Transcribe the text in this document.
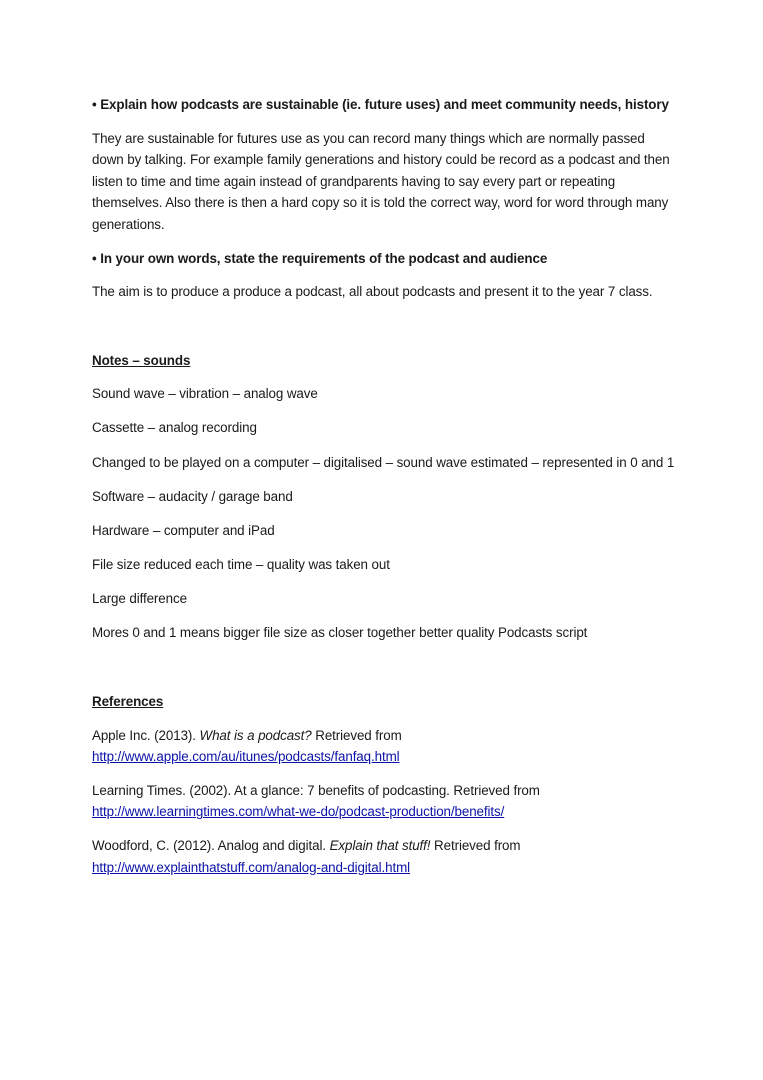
• Explain how podcasts are sustainable (ie. future uses) and meet community needs, history

They are sustainable for futures use as you can record many things which are normally passed down by talking. For example family generations and history could be record as a podcast and then listen to time and time again instead of grandparents having to say every part or repeating themselves. Also there is then a hard copy so it is told the correct way, word for word through many generations.

• In your own words, state the requirements of the podcast and audience

The aim is to produce a produce a podcast, all about podcasts and present it to the year 7 class.

Notes – sounds

Sound wave – vibration – analog wave

Cassette – analog recording

Changed to be played on a computer – digitalised – sound wave estimated – represented in 0 and 1

Software – audacity / garage band

Hardware – computer and iPad

File size reduced each time – quality was taken out

Large difference

Mores 0 and 1 means bigger file size as closer together better quality Podcasts script

References

Apple Inc. (2013). What is a podcast? Retrieved from
http://www.apple.com/au/itunes/podcasts/fanfaq.html

Learning Times. (2002). At a glance: 7 benefits of podcasting. Retrieved from
http://www.learningtimes.com/what-we-do/podcast-production/benefits/

Woodford, C. (2012). Analog and digital. Explain that stuff! Retrieved from
http://www.explainthatstuff.com/analog-and-digital.html
